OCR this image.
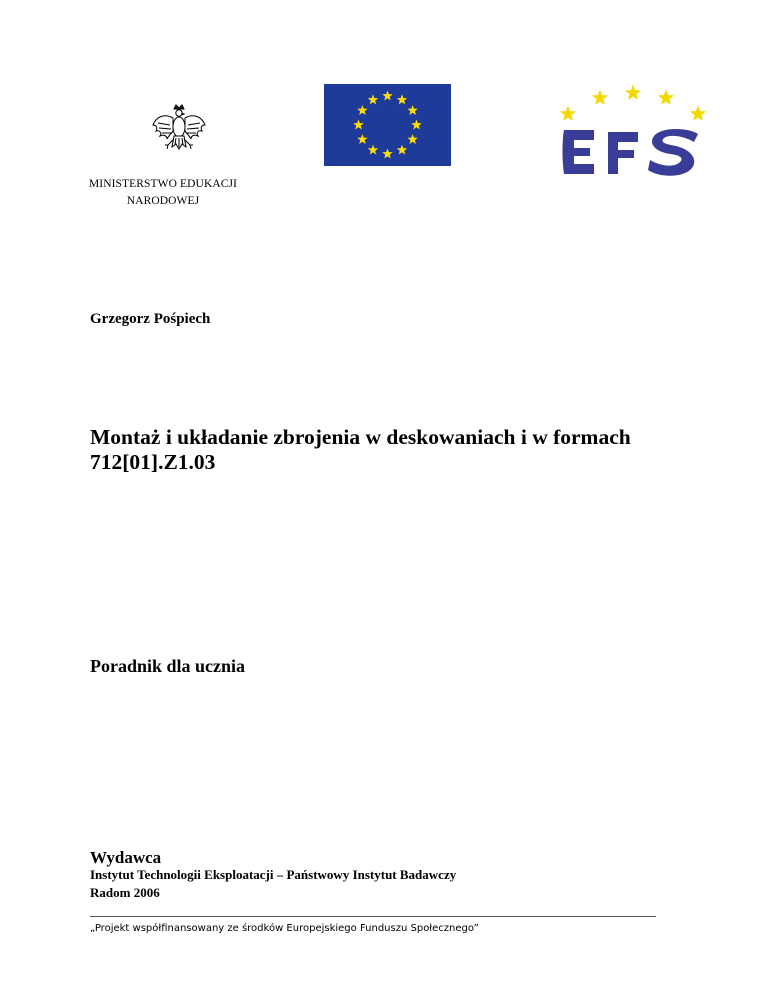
MINISTERSTWO EDUKACJI
NARODOWEJ
Grzegorz Pośpiech
Montaż i układanie zbrojenia w deskowaniach i w formach
712[01].Z1.03
Poradnik dla ucznia
Wydawca
Instytut Technologii Eksploatacji – Państwowy Instytut Badawczy
Radom 2006
„Projekt współfinansowany ze środków Europejskiego Funduszu Społecznego”
